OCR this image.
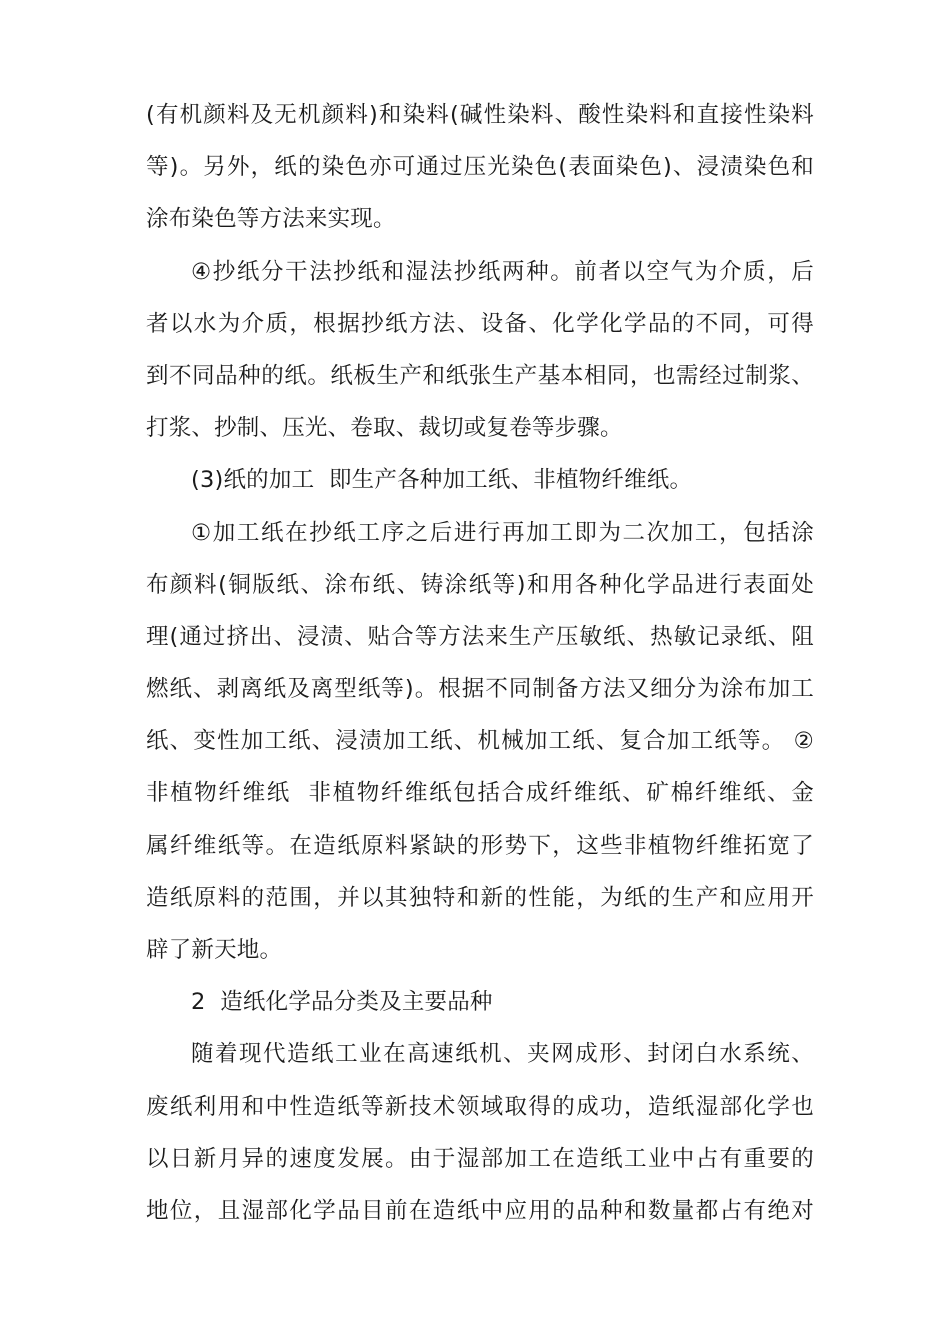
(有机颜料及无机颜料)和染料(碱性染料、酸性染料和直接性染料
等)。另外，纸的染色亦可通过压光染色(表面染色)、浸渍染色和
涂布染色等方法来实现。
④抄纸分干法抄纸和湿法抄纸两种。前者以空气为介质，后
者以水为介质，根据抄纸方法、设备、化学化学品的不同，可得
到不同品种的纸。纸板生产和纸张生产基本相同，也需经过制浆、
打浆、抄制、压光、卷取、裁切或复卷等步骤。
(3)纸的加工  即生产各种加工纸、非植物纤维纸。
①加工纸在抄纸工序之后进行再加工即为二次加工，包括涂
布颜料(铜版纸、涂布纸、铸涂纸等)和用各种化学品进行表面处
理(通过挤出、浸渍、贴合等方法来生产压敏纸、热敏记录纸、阻
燃纸、剥离纸及离型纸等)。根据不同制备方法又细分为涂布加工
纸、变性加工纸、浸渍加工纸、机械加工纸、复合加工纸等。 ②
非植物纤维纸  非植物纤维纸包括合成纤维纸、矿棉纤维纸、金
属纤维纸等。在造纸原料紧缺的形势下，这些非植物纤维拓宽了
造纸原料的范围，并以其独特和新的性能，为纸的生产和应用开
辟了新天地。
2  造纸化学品分类及主要品种
随着现代造纸工业在高速纸机、夹网成形、封闭白水系统、
废纸利用和中性造纸等新技术领域取得的成功，造纸湿部化学也
以日新月异的速度发展。由于湿部加工在造纸工业中占有重要的
地位，且湿部化学品目前在造纸中应用的品种和数量都占有绝对
